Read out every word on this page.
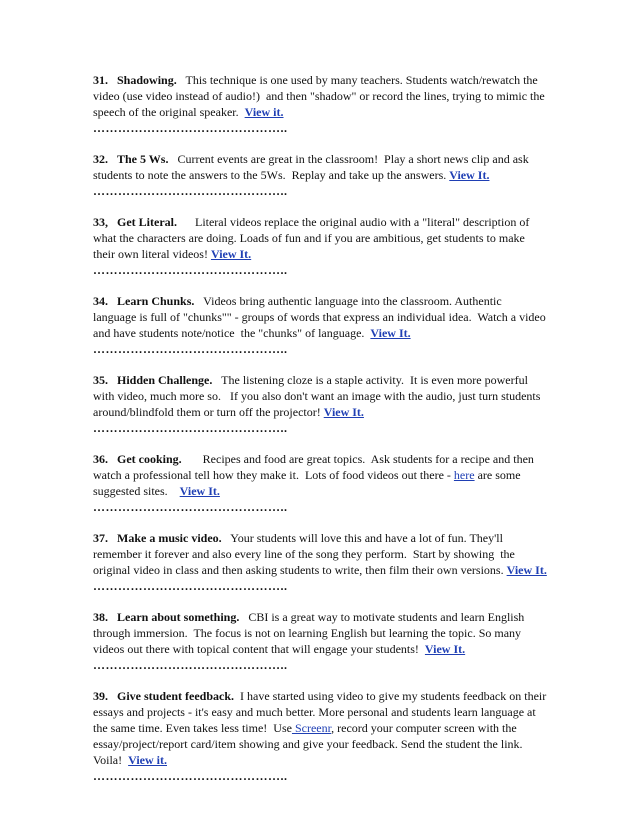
31. Shadowing. This technique is one used by many teachers. Students watch/rewatch the video (use video instead of audio!)  and then "shadow" or record the lines, trying to mimic the speech of the original speaker. View it.

………………………………………..

32. The 5 Ws. Current events are great in the classroom!  Play a short news clip and ask students to note the answers to the 5Ws.  Replay and take up the answers. View It.

………………………………………..

33, Get Literal. Literal videos replace the original audio with a "literal" description of what the characters are doing. Loads of fun and if you are ambitious, get students to make their own literal videos! View It.

………………………………………..

34. Learn Chunks. Videos bring authentic language into the classroom. Authentic language is full of "chunks"" - groups of words that express an individual idea.  Watch a video and have students note/notice  the "chunks" of language. View It.

………………………………………..

35. Hidden Challenge. The listening cloze is a staple activity.  It is even more powerful with video, much more so.   If you also don't want an image with the audio, just turn students around/blindfold them or turn off the projector! View It.

………………………………………..

36. Get cooking. Recipes and food are great topics.  Ask students for a recipe and then watch a professional tell how they make it.  Lots of food videos out there - here are some suggested sites. View It.

………………………………………..

37. Make a music video. Your students will love this and have a lot of fun. They'll remember it forever and also every line of the song they perform.  Start by showing  the original video in class and then asking students to write, then film their own versions. View It.

………………………………………..

38. Learn about something. CBI is a great way to motivate students and learn English through immersion.  The focus is not on learning English but learning the topic. So many videos out there with topical content that will engage your students! View It.

………………………………………..

39. Give student feedback. I have started using video to give my students feedback on their essays and projects - it's easy and much better. More personal and students learn language at the same time. Even takes less time!  Use Screenr, record your computer screen with the essay/project/report card/item showing and give your feedback. Send the student the link. Voila! View it.

………………………………………..
